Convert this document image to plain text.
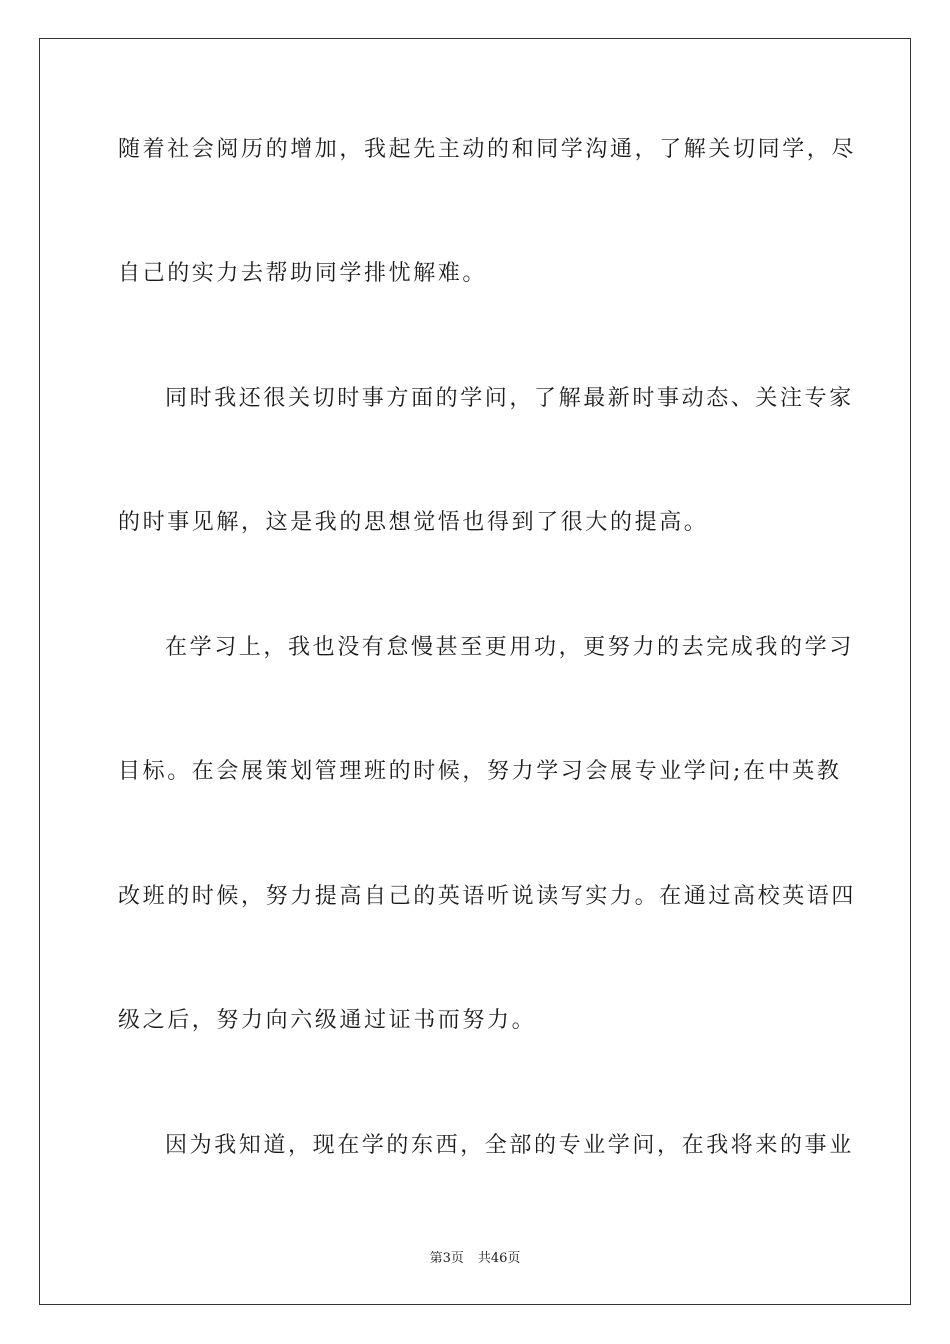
随着社会阅历的增加，我起先主动的和同学沟通，了解关切同学，尽
自己的实力去帮助同学排忧解难。
同时我还很关切时事方面的学问，了解最新时事动态、关注专家
的时事见解，这是我的思想觉悟也得到了很大的提高。
在学习上，我也没有怠慢甚至更用功，更努力的去完成我的学习
目标。在会展策划管理班的时候，努力学习会展专业学问;在中英教
改班的时候，努力提高自己的英语听说读写实力。在通过高校英语四
级之后，努力向六级通过证书而努力。
因为我知道，现在学的东西，全部的专业学问，在我将来的事业
第3页 共46页
